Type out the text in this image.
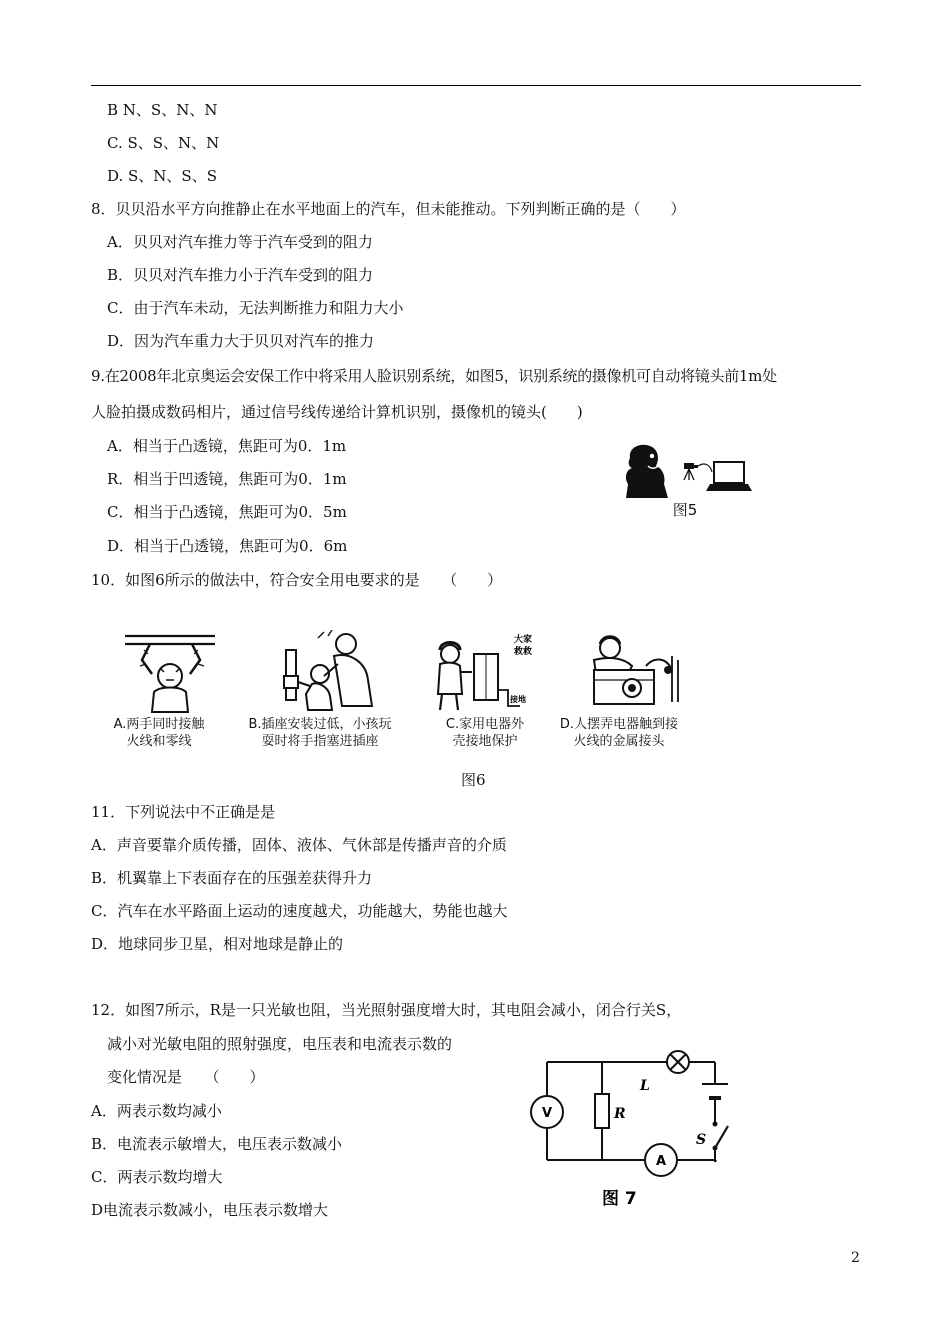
B N、S、N、N
C. S、S、N、N
D. S、N、S、S
8．贝贝沿水平方向推静止在水平地面上的汽车，但未能推动。下列判断正确的是（　　）
A．贝贝对汽车推力等于汽车受到的阻力
B．贝贝对汽车推力小于汽车受到的阻力
C．由于汽车未动，无法判断推力和阻力大小
D．因为汽车重力大于贝贝对汽车的推力
9.在2008年北京奥运会安保工作中将采用人脸识别系统，如图5，识别系统的摄像机可自动将镜头前1m处
人脸拍摄成数码相片，通过信号线传递给计算机识别，摄像机的镜头(　　)
A．相当于凸透镜，焦距可为0．1m
R．相当于凹透镜，焦距可为0．1m
C．相当于凸透镜，焦距可为0．5m
D．相当于凸透镜，焦距可为0．6m
图5
10．如图6所示的做法中，符合安全用电要求的是　　（　　）
大家
救救
接地
A.两手同时接触
火线和零线
B.插座安装过低，小孩玩
耍时将手指塞进插座
C.家用电器外
壳接地保护
D.人摆弄电器触到接
火线的金属接头
图6
11．下列说法中不正确是是
A．声音要靠介质传播，固体、液体、气休部是传播声音的介质
B．机翼靠上下表面存在的压强差获得升力
C．汽车在水平路面上运动的速度越犬，功能越大，势能也越大
D．地球同步卫星，相对地球是静止的
12．如图7所示，R是一只光敏也阻，当光照射强度增大时，其电阻会减小，闭合行关S，
减小对光敏电阻的照射强度，电压表和电流表示数的
变化情况是　　（　　）
A．两表示数均减小
B．电流表示敏增大，电压表示数减小
C．两表示数均增大
D电流表示数减小，电压表示数增大
V
A
R
L
S
图 7
2
